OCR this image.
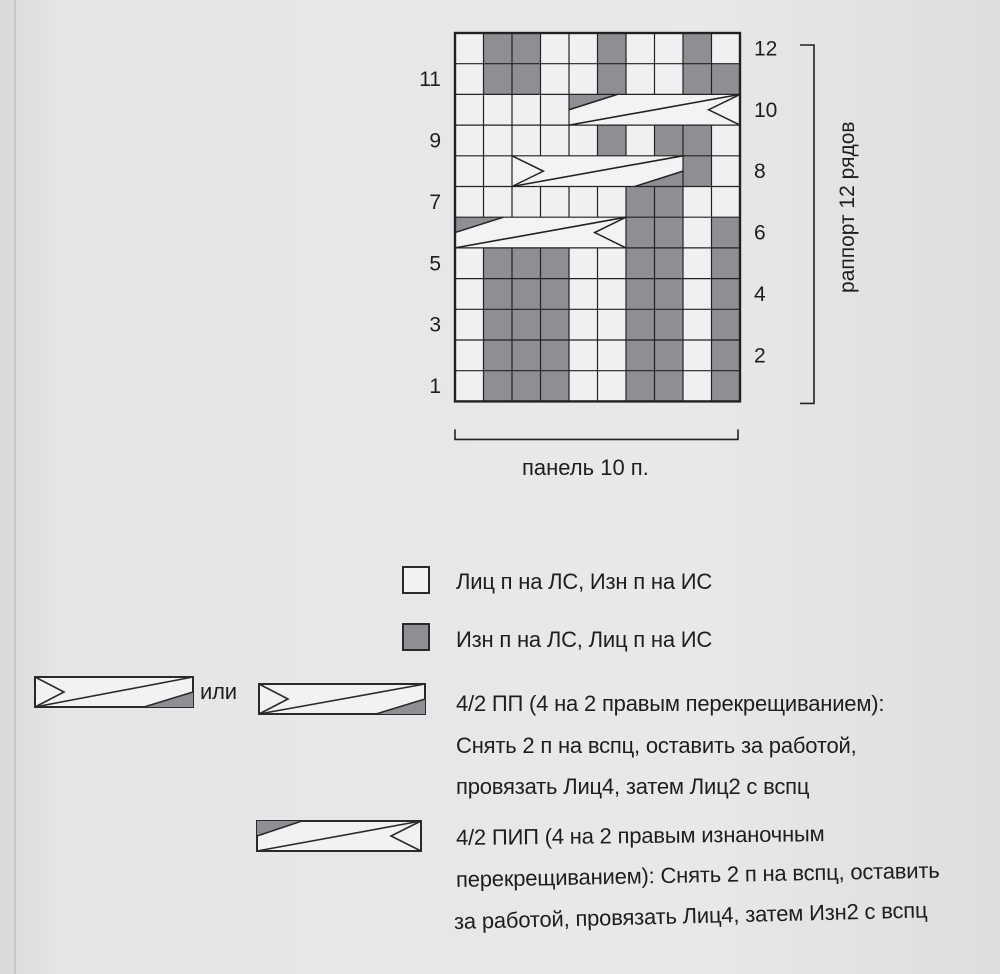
1
3
5
7
9
11
2
4
6
8
10
12
раппорт 12 рядов
панель 10 п.
Лиц п на ЛС, Изн п на ИС
Изн п на ЛС, Лиц п на ИС
или	4/2 ПП (4 на 2 правым перекрещиванием):
Снять 2 п на вспц, оставить за работой,
провязать Лиц4, затем Лиц2 с вспц
4/2 ПИП (4 на 2 правым изнаночным
перекрещиванием): Снять 2 п на вспц, оставить
за работой, провязать Лиц4, затем Изн2 с вспц
